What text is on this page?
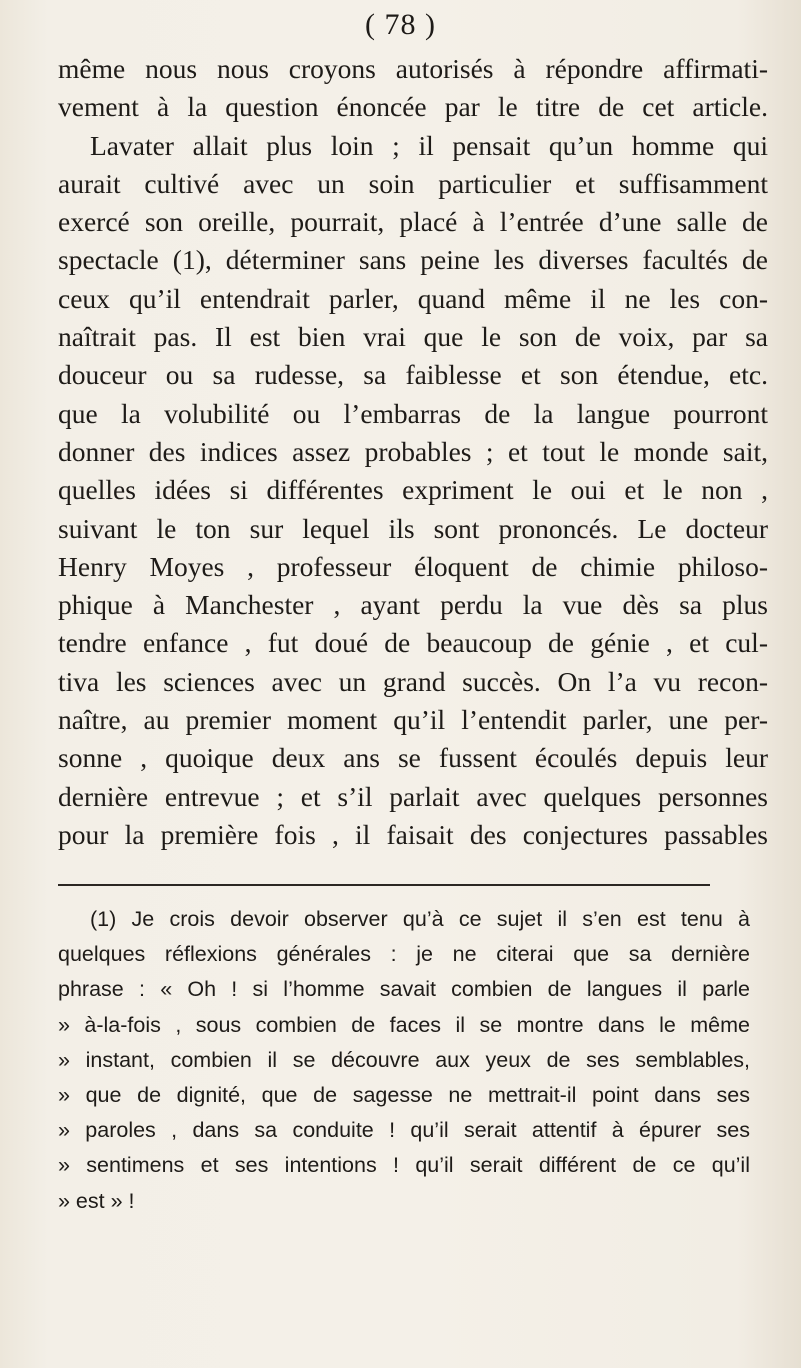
( 78 )
même nous nous croyons autorisés à répondre affirmati-
vement à la question énoncée par le titre de cet article.
Lavater allait plus loin ; il pensait qu’un homme qui
aurait cultivé avec un soin particulier et suffisamment
exercé son oreille, pourrait, placé à l’entrée d’une salle de
spectacle (1), déterminer sans peine les diverses facultés de
ceux qu’il entendrait parler, quand même il ne les con-
naîtrait pas. Il est bien vrai que le son de voix, par sa
douceur ou sa rudesse, sa faiblesse et son étendue, etc.
que la volubilité ou l’embarras de la langue pourront
donner des indices assez probables ; et tout le monde sait,
quelles idées si différentes expriment le oui et le non ,
suivant le ton sur lequel ils sont prononcés. Le docteur
Henry Moyes , professeur éloquent de chimie philoso-
phique à Manchester , ayant perdu la vue dès sa plus
tendre enfance , fut doué de beaucoup de génie , et cul-
tiva les sciences avec un grand succès. On l’a vu recon-
naître, au premier moment qu’il l’entendit parler, une per-
sonne , quoique deux ans se fussent écoulés depuis leur
dernière entrevue ; et s’il parlait avec quelques personnes
pour la première fois , il faisait des conjectures passables
(1) Je crois devoir observer qu’à ce sujet il s’en est tenu à
quelques réflexions générales : je ne citerai que sa dernière
phrase : « Oh ! si l’homme savait combien de langues il parle
» à-la-fois , sous combien de faces il se montre dans le même
» instant, combien il se découvre aux yeux de ses semblables,
» que de dignité, que de sagesse ne mettrait-il point dans ses
» paroles , dans sa conduite ! qu’il serait attentif à épurer ses
» sentimens et ses intentions ! qu’il serait différent de ce qu’il
» est » !
